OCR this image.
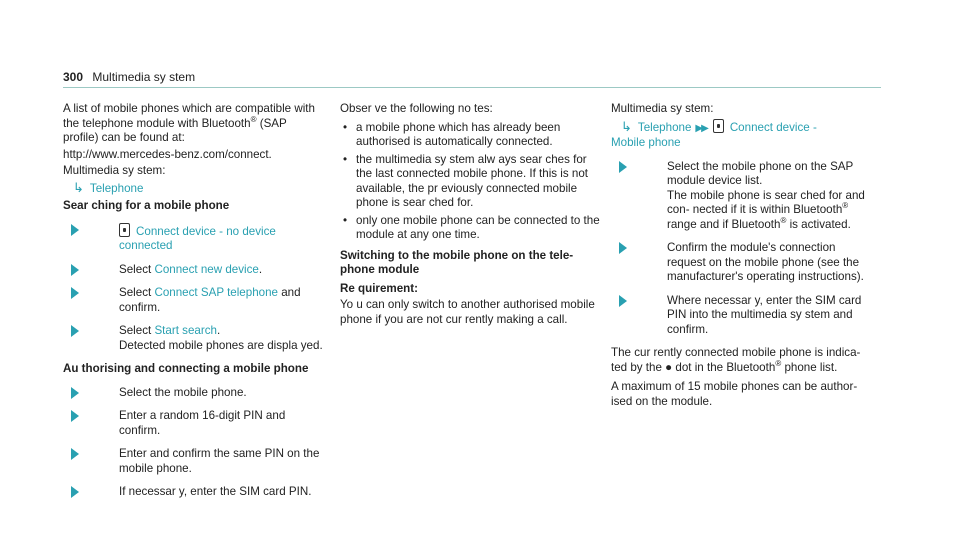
300 Multimedia sy stem

A list of mobile phones which are compatible with the telephone module with Bluetooth® (SAP profile) can be found at:

http://www.mercedes-benz.com/connect.

Multimedia sy stem:

↳ Telephone

Sear ching for a mobile phone

Connect device - no device connected
Select Connect new device.
Select Connect SAP telephone and confirm.
Select Start search.
Detected mobile phones are displa yed.

Au thorising and connecting a mobile phone

Select the mobile phone.
Enter a random 16-digit PIN and confirm.
Enter and confirm the same PIN on the mobile phone.
If necessar y, enter the SIM card PIN.

Obser ve the following no tes:

• a mobile phone which has already been authorised is automatically connected.
• the multimedia sy stem alw ays sear ches for the last connected mobile phone. If this is not available, the pr eviously connected mobile phone is sear ched for.
• only one mobile phone can be connected to the module at any one time.

Switching to the mobile phone on the tele‐ phone module

Re quirement:

Yo u can only switch to another authorised mobile phone if you are not cur rently making a call.

Multimedia sy stem:

↳ Telephone ▶▶ Connect device -
Mobile phone

Select the mobile phone on the SAP module device list.
The mobile phone is sear ched for and con‐ nected if it is within Bluetooth® range and if Bluetooth® is activated.
Confirm the module's connection request on the mobile phone (see the manufacturer's operating instructions).
Where necessar y, enter the SIM card PIN into the multimedia sy stem and confirm.

The cur rently connected mobile phone is indica‐ ted by the ● dot in the Bluetooth® phone list.

A maximum of 15 mobile phones can be author‐ ised on the module.
